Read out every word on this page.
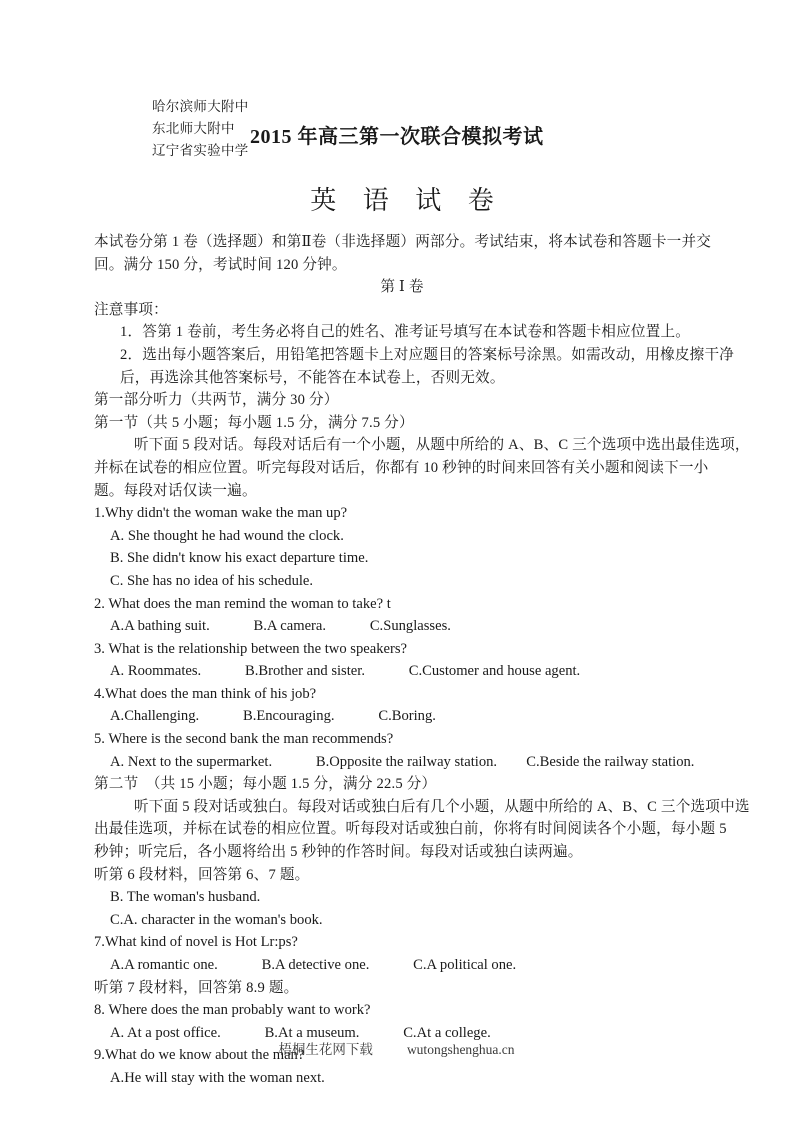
哈尔滨师大附中
东北师大附中
辽宁省实验中学
2015 年高三第一次联合模拟考试
英 语 试 卷
本试卷分第 1 卷（选择题）和第Ⅱ卷（非选择题）两部分。考试结束，将本试卷和答题卡一并交
回。满分 150 分，考试时间 120 分钟。
第 Ⅰ 卷
注意事项：
1．答第 1 卷前，考生务必将自己的姓名、准考证号填写在本试卷和答题卡相应位置上。
2．选出每小题答案后，用铅笔把答题卡上对应题目的答案标号涂黑。如需改动，用橡皮擦干净
后，再选涂其他答案标号，不能答在本试卷上，否则无效。
第一部分听力（共两节，满分 30 分）
第一节（共 5 小题；每小题 1.5 分，满分 7.5 分）
听下面 5 段对话。每段对话后有一个小题，从题中所给的 A、B、C 三个选项中选出最佳选项，
并标在试卷的相应位置。听完每段对话后，你都有 10 秒钟的时间来回答有关小题和阅读下一小
题。每段对话仅读一遍。
1.Why didn't the woman wake the man up?
A. She thought he had wound the clock.
B. She didn't know his exact departure time.
C. She has no idea of his schedule.
2. What does the man remind the woman to take? t
A.A bathing suit.　　　B.A camera.　　　C.Sunglasses.
3. What is the relationship between the two speakers?
A. Roommates.　　　B.Brother and sister.　　　C.Customer and house agent.
4.What does the man think of his job?
A.Challenging.　　　B.Encouraging.　　　C.Boring.
5. Where is the second bank the man recommends?
A. Next to the supermarket.　　　B.Opposite the railway station.　　C.Beside the railway station.
第二节　（共 15 小题；每小题 1.5 分，满分 22.5 分）
听下面 5 段对话或独白。每段对话或独白后有几个小题，从题中所给的 A、B、C 三个选项中选
出最佳选项，并标在试卷的相应位置。听每段对话或独白前，你将有时间阅读各个小题，每小题 5
秒钟；听完后，各小题将给出 5 秒钟的作答时间。每段对话或独白读两遍。
听第 6 段材料，回答第 6、7 题。
B. The woman's husband.
C.A. character in the woman's book.
7.What kind of novel is Hot Lr:ps?
A.A romantic one.　　　B.A detective one.　　　C.A political one.
听第 7 段材料，回答第 8.9 题。
8. Where does the man probably want to work?
A. At a post office.　　　B.At a museum.　　　C.At a college.
9.What do we know about the man?
A.He will stay with the woman next.
梧桐生花网下载	wutongshenghua.cn
